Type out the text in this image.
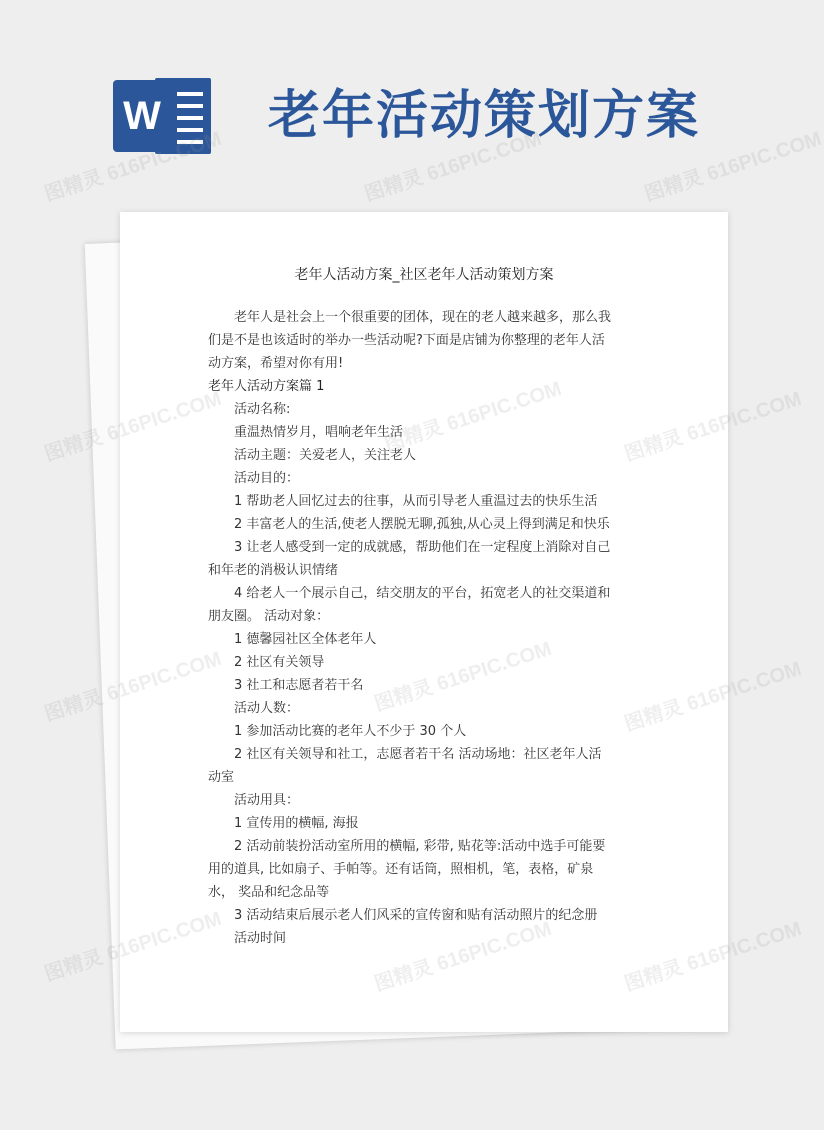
W 老年活动策划方案
老年人活动方案_社区老年人活动策划方案

老年人是社会上一个很重要的团体，现在的老人越来越多，那么我们是不是也该适时的举办一些活动呢?下面是店铺为你整理的老年人活动方案，希望对你有用!

老年人活动方案篇 1

活动名称:

重温热情岁月，唱响老年生活

活动主题：关爱老人，关注老人

活动目的：

1 帮助老人回忆过去的往事，从而引导老人重温过去的快乐生活

2 丰富老人的生活,使老人摆脱无聊,孤独,从心灵上得到满足和快乐

3 让老人感受到一定的成就感，帮助他们在一定程度上消除对自己和年老的消极认识情绪

4 给老人一个展示自己，结交朋友的平台，拓宽老人的社交渠道和朋友圈。 活动对象：

1 德馨园社区全体老年人

2 社区有关领导

3 社工和志愿者若干名

活动人数：

1 参加活动比赛的老年人不少于 30 个人

2 社区有关领导和社工，志愿者若干名 活动场地：社区老年人活动室

活动用具：

1 宣传用的横幅, 海报

2 活动前装扮活动室所用的横幅, 彩带, 贴花等:活动中选手可能要用的道具, 比如扇子、手帕等。还有话筒，照相机，笔，表格，矿泉水， 奖品和纪念品等

3 活动结束后展示老人们风采的宣传窗和贴有活动照片的纪念册

活动时间

图精灵 616PIC.COM	图精灵 616PIC.COM	图精灵 616PIC.COM
图精灵
616PIC.COM
图精灵	616PIC.COM
图精灵	616PIC.COM
